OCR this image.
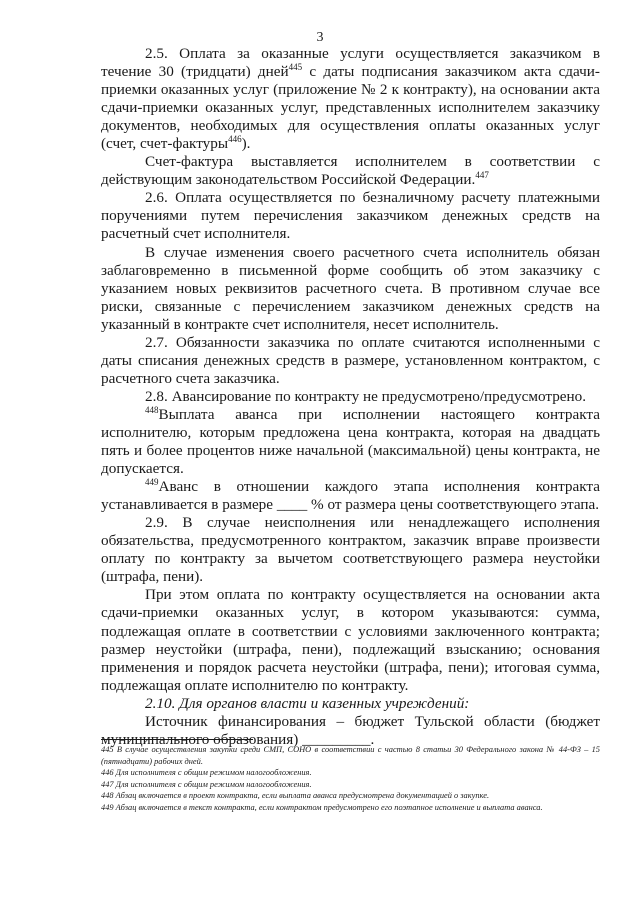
3

2.5. Оплата за оказанные услуги осуществляется заказчиком в течение 30 (тридцати) дней$^{445}$ с даты подписания заказчиком акта сдачи-приемки оказанных услуг (приложение № 2 к контракту), на основании акта сдачи-приемки оказанных услуг, представленных исполнителем заказчику документов, необходимых для осуществления оплаты оказанных услуг (счет, счет-фактуры$^{446}$).

Счет-фактура выставляется исполнителем в соответствии с действующим законодательством Российской Федерации.$^{447}$

2.6. Оплата осуществляется по безналичному расчету платежными поручениями путем перечисления заказчиком денежных средств на расчетный счет исполнителя.

В случае изменения своего расчетного счета исполнитель обязан заблаговременно в письменной форме сообщить об этом заказчику с указанием новых реквизитов расчетного счета. В противном случае все риски, связанные с перечислением заказчиком денежных средств на указанный в контракте счет исполнителя, несет исполнитель.

2.7. Обязанности заказчика по оплате считаются исполненными с даты списания денежных средств в размере, установленном контрактом, с расчетного счета заказчика.

2.8. Авансирование по контракту не предусмотрено/предусмотрено.

$^{448}$Выплата аванса при исполнении настоящего контракта исполнителю, которым предложена цена контракта, которая на двадцать пять и более процентов ниже начальной (максимальной) цены контракта, не допускается.

$^{449}$Аванс в отношении каждого этапа исполнения контракта устанавливается в размере ____ % от размера цены соответствующего этапа.

2.9. В случае неисполнения или ненадлежащего исполнения обязательства, предусмотренного контрактом, заказчик вправе произвести оплату по контракту за вычетом соответствующего размера неустойки (штрафа, пени).

При этом оплата по контракту осуществляется на основании акта сдачи-приемки оказанных услуг, в котором указываются: сумма, подлежащая оплате в соответствии с условиями заключенного контракта; размер неустойки (штрафа, пени), подлежащий взысканию; основания применения и порядок расчета неустойки (штрафа, пени); итоговая сумма, подлежащая оплате исполнителю по контракту.

2.10. Для органов власти и казенных учреждений:

Источник финансирования – бюджет Тульской области (бюджет муниципального образования) _________.

445 В случае осуществления закупки среди СМП, СОНО в соответствии с частью 8 статьи 30 Федерального закона № 44-ФЗ – 15 (пятнадцати) рабочих дней.

446 Для исполнителя с общим режимом налогообложения.

447 Для исполнителя с общим режимом налогообложения.

448 Абзац включается в проект контракта, если выплата аванса предусмотрена документацией о закупке.

449 Абзац включается в текст контракта, если контрактом предусмотрено его поэтапное исполнение и выплата аванса.
